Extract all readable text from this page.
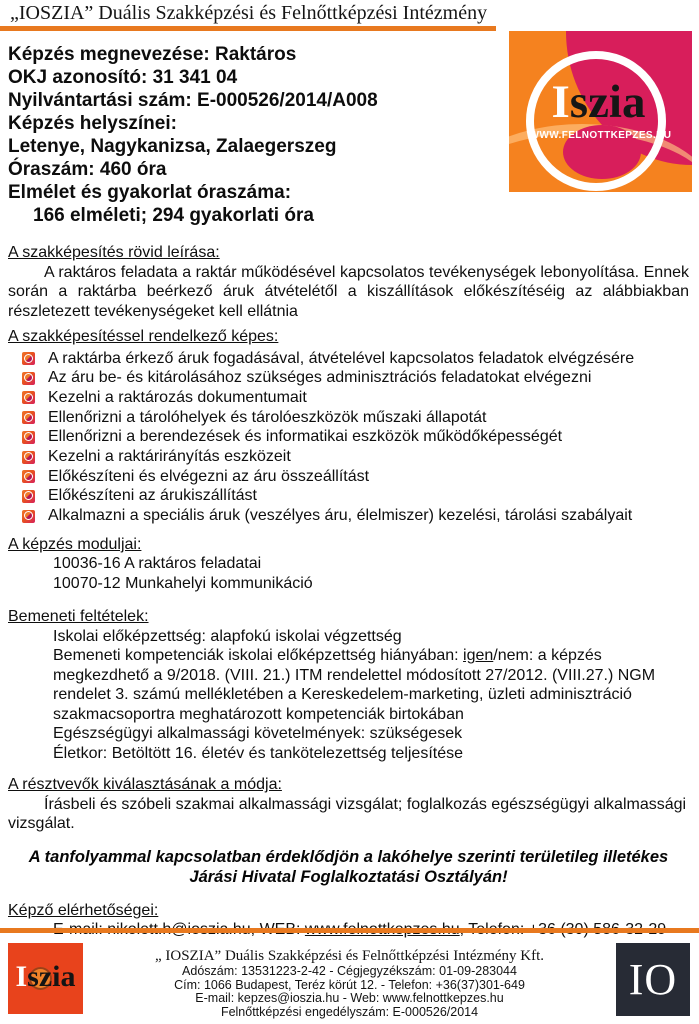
„IOSZIA” Duális Szakképzési és Felnőttképzési Intézmény
Iszia
WWW.FELNOTTKEPZES.HU
Képzés megnevezése: Raktáros
OKJ azonosító: 31 341 04
Nyilvántartási szám: E-000526/2014/A008
Képzés helyszínei:
Letenye, Nagykanizsa, Zalaegerszeg
Óraszám: 460 óra
Elmélet és gyakorlat óraszáma:
166 elméleti; 294 gyakorlati óra

A szakképesítés rövid leírása:

A raktáros feladata a raktár működésével kapcsolatos tevékenységek lebonyolítása. Ennek során a raktárba beérkező áruk átvételétől a kiszállítások előkészítéséig az alábbiakban részletezett tevékenységeket kell ellátnia

A szakképesítéssel rendelkező képes:

A raktárba érkező áruk fogadásával, átvételével kapcsolatos feladatok elvégzésére
Az áru be- és kitárolásához szükséges adminisztrációs feladatokat elvégezni
Kezelni a raktározás dokumentumait
Ellenőrizni a tárolóhelyek és tárolóeszközök műszaki állapotát
Ellenőrizni a berendezések és informatikai eszközök működőképességét
Kezelni a raktárirányítás eszközeit
Előkészíteni és elvégezni az áru összeállítást
Előkészíteni az árukiszállítást
Alkalmazni a speciális áruk (veszélyes áru, élelmiszer) kezelési, tárolási szabályait

A képzés moduljai:

10036-16 A raktáros feladatai
10070-12 Munkahelyi kommunikáció

Bemeneti feltételek:

Iskolai előképzettség: alapfokú iskolai végzettség
Bemeneti kompetenciák iskolai előképzettség hiányában: igen/nem: a képzés megkezdhető a 9/2018. (VIII. 21.) ITM rendelettel módosított 27/2012. (VIII.27.) NGM rendelet 3. számú mellékletében a Kereskedelem-marketing, üzleti adminisztráció szakmacsoportra meghatározott kompetenciák birtokában
Egészségügyi alkalmassági követelmények: szükségesek
Életkor: Betöltött 16. életév és tankötelezettség teljesítése

A résztvevők kiválasztásának a módja:

Írásbeli és szóbeli szakmai alkalmassági vizsgálat; foglalkozás egészségügyi alkalmassági vizsgálat.

A tanfolyammal kapcsolatban érdeklődjön a lakóhelye szerinti területileg illetékes Járási Hivatal Foglalkoztatási Osztályán!

Képző elérhetőségei:

Iszia
„ IOSZIA” Duális Szakképzési és Felnőttképzési Intézmény Kft.
Adószám: 13531223-2-42 - Cégjegyzékszám: 01-09-283044
Cím: 1066 Budapest, Teréz körút 12. - Telefon: +36(37)301-649
E-mail: kepzes@ioszia.hu - Web: www.felnottkepzes.hu
Felnőttképzési engedélyszám: E-000526/2014
IO
